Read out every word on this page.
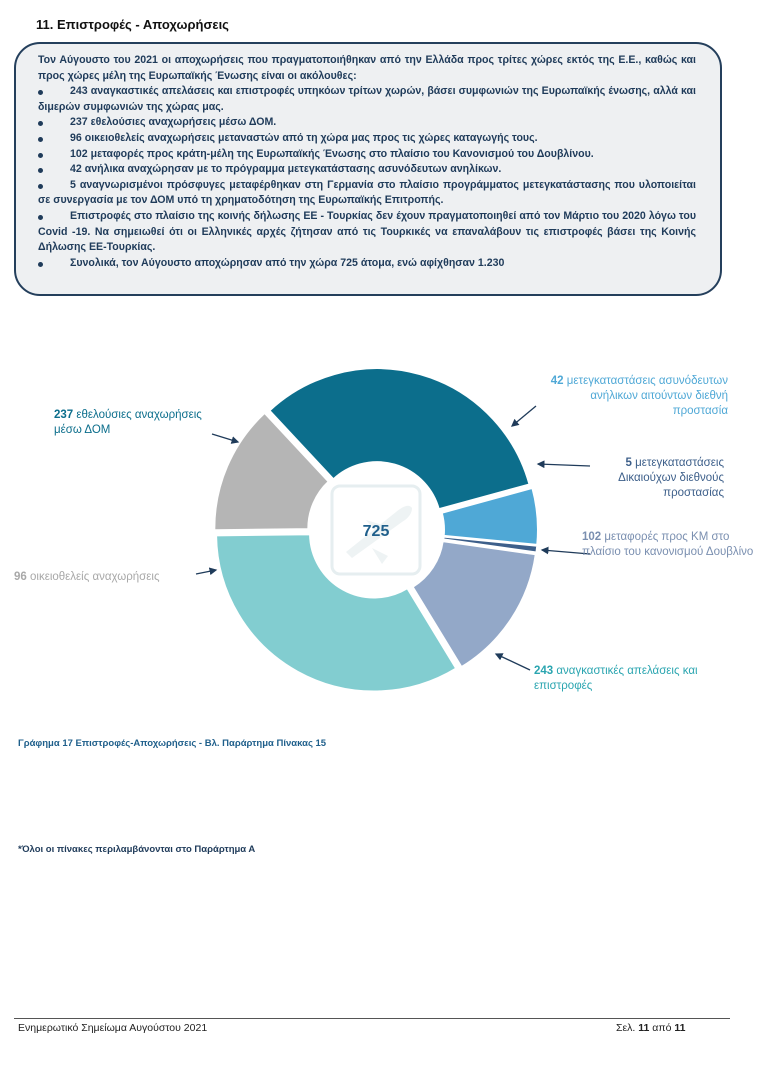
11. Επιστροφές - Αποχωρήσεις

Τον Αύγουστο του 2021 οι αποχωρήσεις που πραγματοποιήθηκαν από την Ελλάδα προς τρίτες χώρες εκτός της Ε.Ε., καθώς και προς χώρες μέλη της Ευρωπαϊκής Ένωσης είναι οι ακόλουθες:

243 αναγκαστικές απελάσεις και επιστροφές υπηκόων τρίτων χωρών, βάσει συμφωνιών της Ευρωπαϊκής ένωσης, αλλά και διμερών συμφωνιών της χώρας μας.
237 εθελούσιες αναχωρήσεις μέσω ΔΟΜ.
96 οικειοθελείς αναχωρήσεις μεταναστών από τη χώρα μας προς τις χώρες καταγωγής τους.
102 μεταφορές προς κράτη-μέλη της Ευρωπαϊκής Ένωσης στο πλαίσιο του Κανονισμού του Δουβλίνου.
42 ανήλικα αναχώρησαν με το πρόγραμμα μετεγκατάστασης ασυνόδευτων ανηλίκων.
5 αναγνωρισμένοι πρόσφυγες μεταφέρθηκαν στη Γερμανία στο πλαίσιο προγράμματος μετεγκατάστασης που υλοποιείται σε συνεργασία με τον ΔΟΜ υπό τη χρηματοδότηση της Ευρωπαϊκής Επιτροπής.
Επιστροφές στο πλαίσιο της κοινής δήλωσης ΕΕ - Τουρκίας δεν έχουν πραγματοποιηθεί από τον Μάρτιο του 2020 λόγω του Covid -19. Να σημειωθεί ότι οι Ελληνικές αρχές ζήτησαν από τις Τουρκικές να επαναλάβουν τις επιστροφές βάσει της Κοινής Δήλωσης ΕΕ-Τουρκίας.
Συνολικά, τον Αύγουστο αποχώρησαν από την χώρα 725 άτομα, ενώ αφίχθησαν 1.230
725
237 εθελούσιες αναχωρήσεις μέσω ΔΟΜ
42 μετεγκαταστάσεις ασυνόδευτων ανήλικων αιτούντων διεθνή προστασία
5 μετεγκαταστάσεις Δικαιούχων διεθνούς προστασίας
102 μεταφορές προς ΚΜ στο πλαίσιο του κανονισμού Δουβλίνο
243 αναγκαστικές απελάσεις και επιστροφές
96 οικειοθελείς αναχωρήσεις
Γράφημα 17 Επιστροφές-Αποχωρήσεις - Βλ. Παράρτημα Πίνακας 15
*Όλοι οι πίνακες περιλαμβάνονται στο Παράρτημα Α
Ενημερωτικό Σημείωμα Αυγούστου 2021	Σελ. 11 από 11
